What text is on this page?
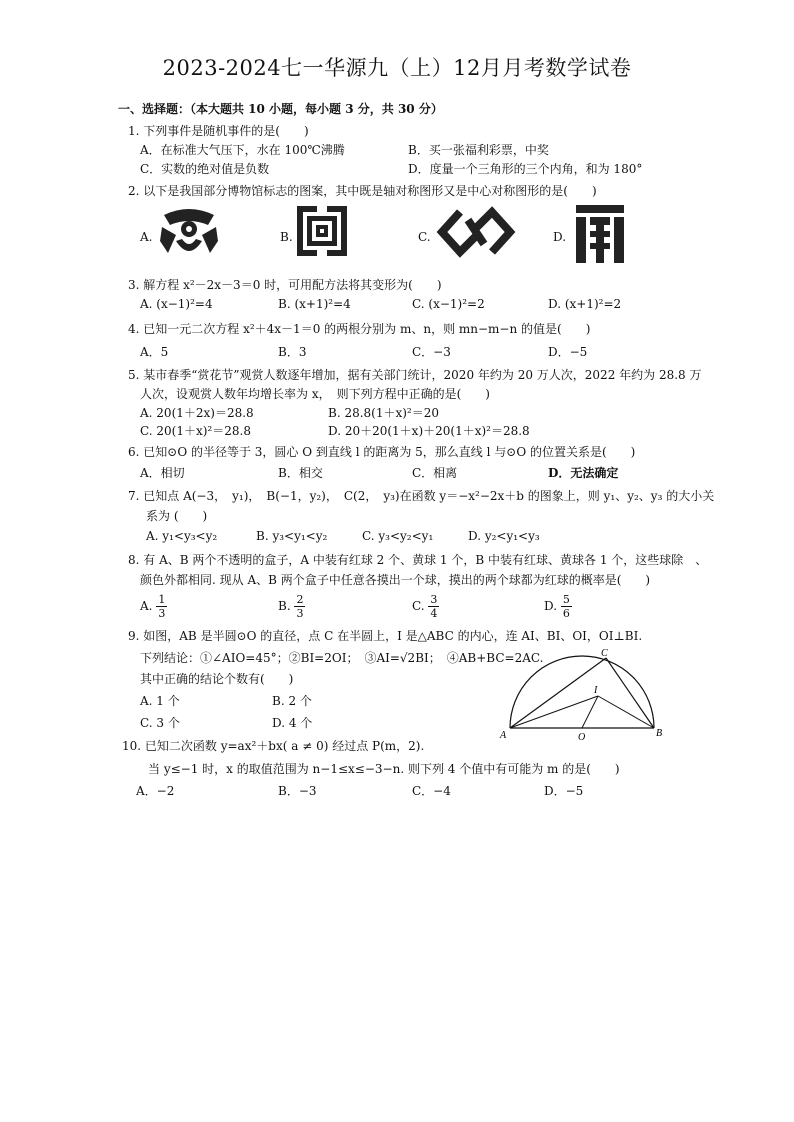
2023-2024七一华源九（上）12月月考数学试卷
一、选择题：（本大题共 10 小题，每小题 3 分，共 30 分）
1. 下列事件是随机事件的是(　　)
A．在标准大气压下，水在 100℃沸腾	B．买一张福利彩票，中奖
C．实数的绝对值是负数	D．度量一个三角形的三个内角，和为 180°
2. 以下是我国部分博物馆标志的图案，其中既是轴对称图形又是中心对称图形的是(　　)
A.	B.	C.	D.
3. 解方程 x²－2x－3＝0 时，可用配方法将其变形为(　　)
A. (x−1)²=4	B. (x+1)²=4	C. (x−1)²=2	D. (x+1)²=2
4. 已知一元二次方程 x²＋4x－1＝0 的两根分别为 m、n，则 mn−m−n 的值是(　　)
A．5	B．3	C．−3	D．−5
5. 某市春季“赏花节”观赏人数逐年增加，据有关部门统计，2020 年约为 20 万人次，2022 年约为 28.8 万
人次，设观赏人数年均增长率为 x，　则下列方程中正确的是(　　)
A. 20(1＋2x)＝28.8	B. 28.8(1＋x)²＝20
C. 20(1＋x)²＝28.8	D. 20＋20(1＋x)＋20(1＋x)²＝28.8
6. 已知⊙O 的半径等于 3，圆心 O 到直线 l 的距离为 5，那么直线 l 与⊙O 的位置关系是(　　)
A．相切	B．相交	C．相离	D．无法确定
7. 已知点 A(−3，　y₁)，　B(−1，y₂)，　C(2，　y₃)在函数 y＝−x²−2x＋b 的图象上，则 y₁、y₂、y₃ 的大小关
系为 (　　)
A. y₁<y₃<y₂	B. y₃<y₁<y₂	C. y₃<y₂<y₁	D. y₂<y₁<y₃
8. 有 A、B 两个不透明的盒子，A 中装有红球 2 个、黄球 1 个，B 中装有红球、黄球各 1 个，这些球除　、
颜色外都相同. 现从 A、B 两个盒子中任意各摸出一个球，摸出的两个球都为红球的概率是(　　)
A. $\frac{1}{3}$	B. $\frac{2}{3}$	C. $\frac{3}{4}$	D. $\frac{5}{6}$
9. 如图，AB 是半圆⊙O 的直径，点 C 在半圆上，I 是△ABC 的内心，连 AI、BI、OI，OI⊥BI.
下列结论：①∠AIO=45°；②BI=2OI；　③AI=√2BI；　④AB+BC=2AC.
其中正确的结论个数有(　　)
A. 1 个	B. 2 个
C. 3 个	D. 4 个
A	B
C
I
O
10. 已知二次函数 y=ax²＋bx( a ≠ 0) 经过点 P(m，2).
当 y≤−1 时，x 的取值范围为 n−1≤x≤−3−n. 则下列 4 个值中有可能为 m 的是(　　)
A．−2	B．−3	C．−4	D．−5
